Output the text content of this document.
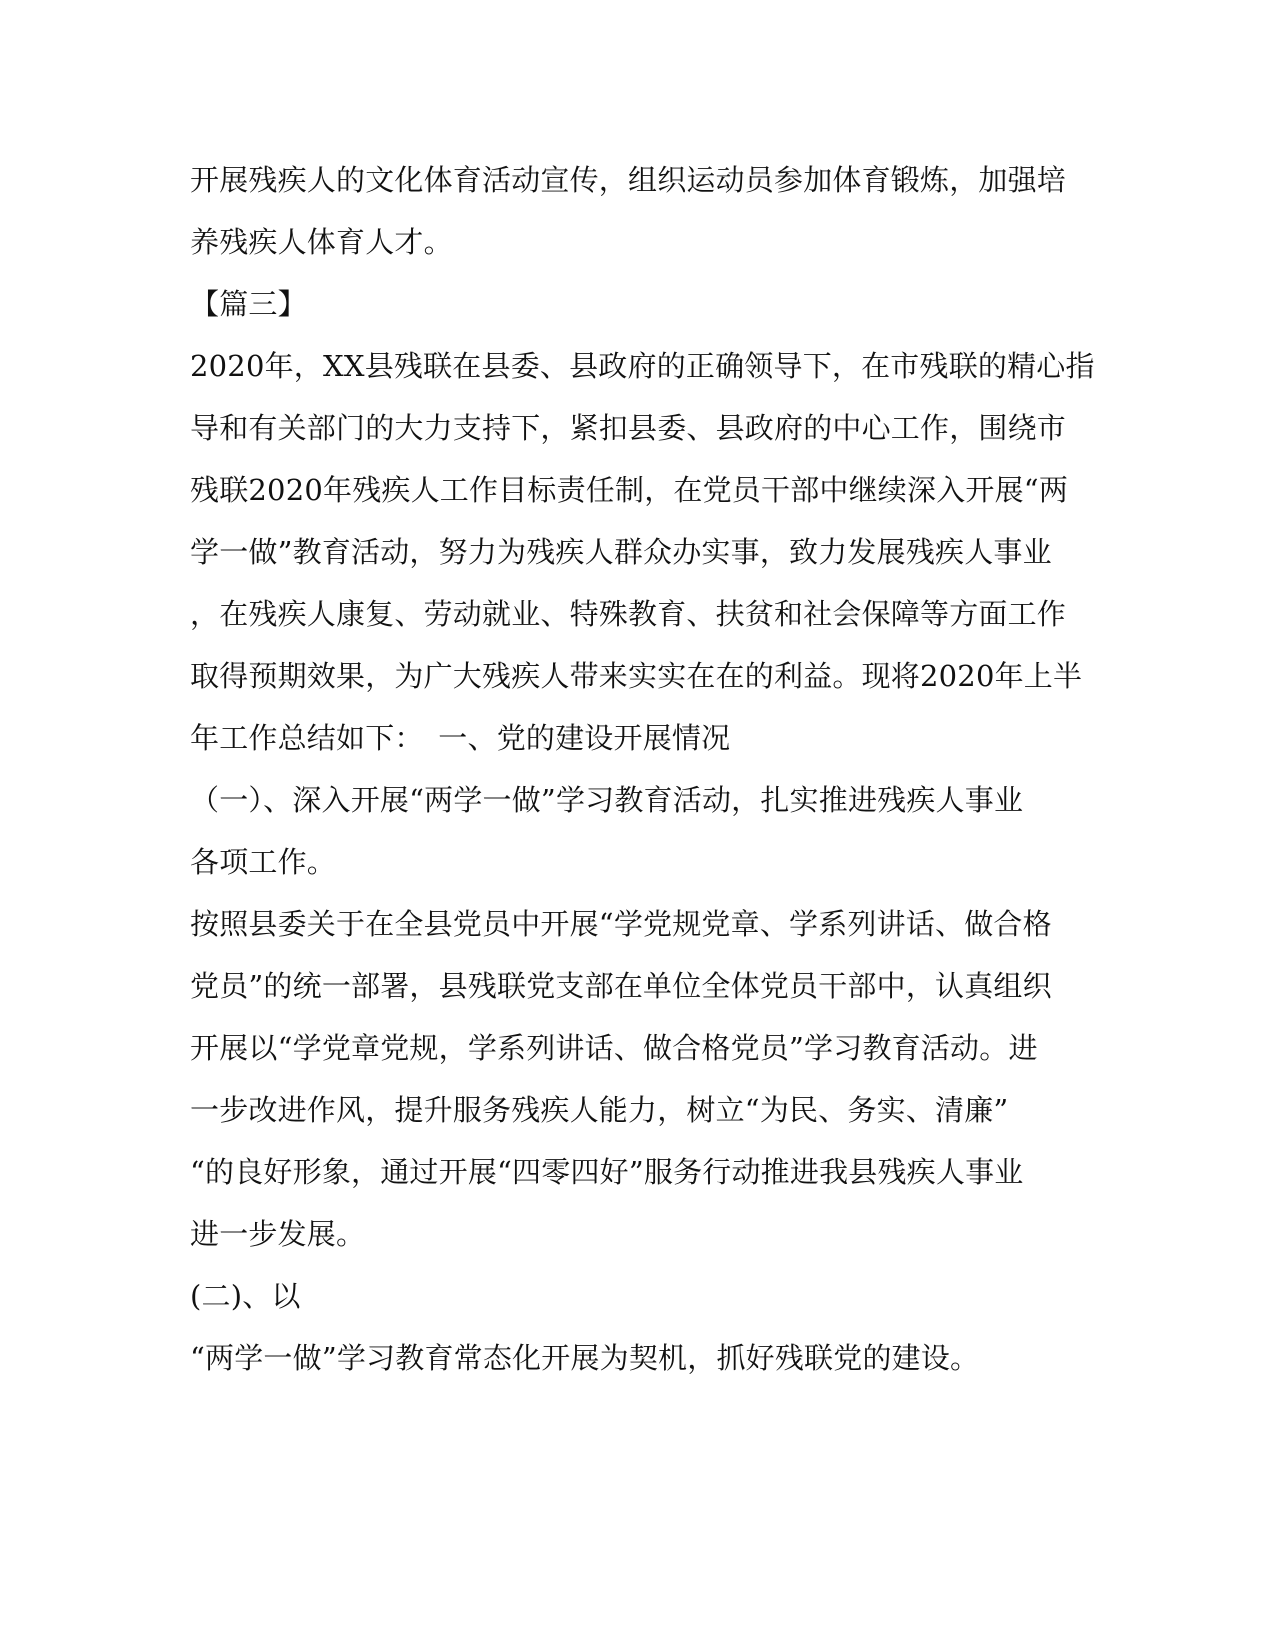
开展残疾人的文化体育活动宣传，组织运动员参加体育锻炼，加强培
养残疾人体育人才。
【篇三】
2020年，XX县残联在县委、县政府的正确领导下，在市残联的精心指
导和有关部门的大力支持下，紧扣县委、县政府的中心工作，围绕市
残联2020年残疾人工作目标责任制，在党员干部中继续深入开展“两
学一做”教育活动，努力为残疾人群众办实事，致力发展残疾人事业
，在残疾人康复、劳动就业、特殊教育、扶贫和社会保障等方面工作
取得预期效果，为广大残疾人带来实实在在的利益。现将2020年上半
年工作总结如下：　一、党的建设开展情况
（一）、深入开展“两学一做”学习教育活动，扎实推进残疾人事业
各项工作。
按照县委关于在全县党员中开展“学党规党章、学系列讲话、做合格
党员”的统一部署，县残联党支部在单位全体党员干部中，认真组织
开展以“学党章党规，学系列讲话、做合格党员”学习教育活动。进
一步改进作风，提升服务残疾人能力，树立“为民、务实、清廉”
“的良好形象，通过开展“四零四好”服务行动推进我县残疾人事业
进一步发展。
(二)、以
“两学一做”学习教育常态化开展为契机，抓好残联党的建设。
